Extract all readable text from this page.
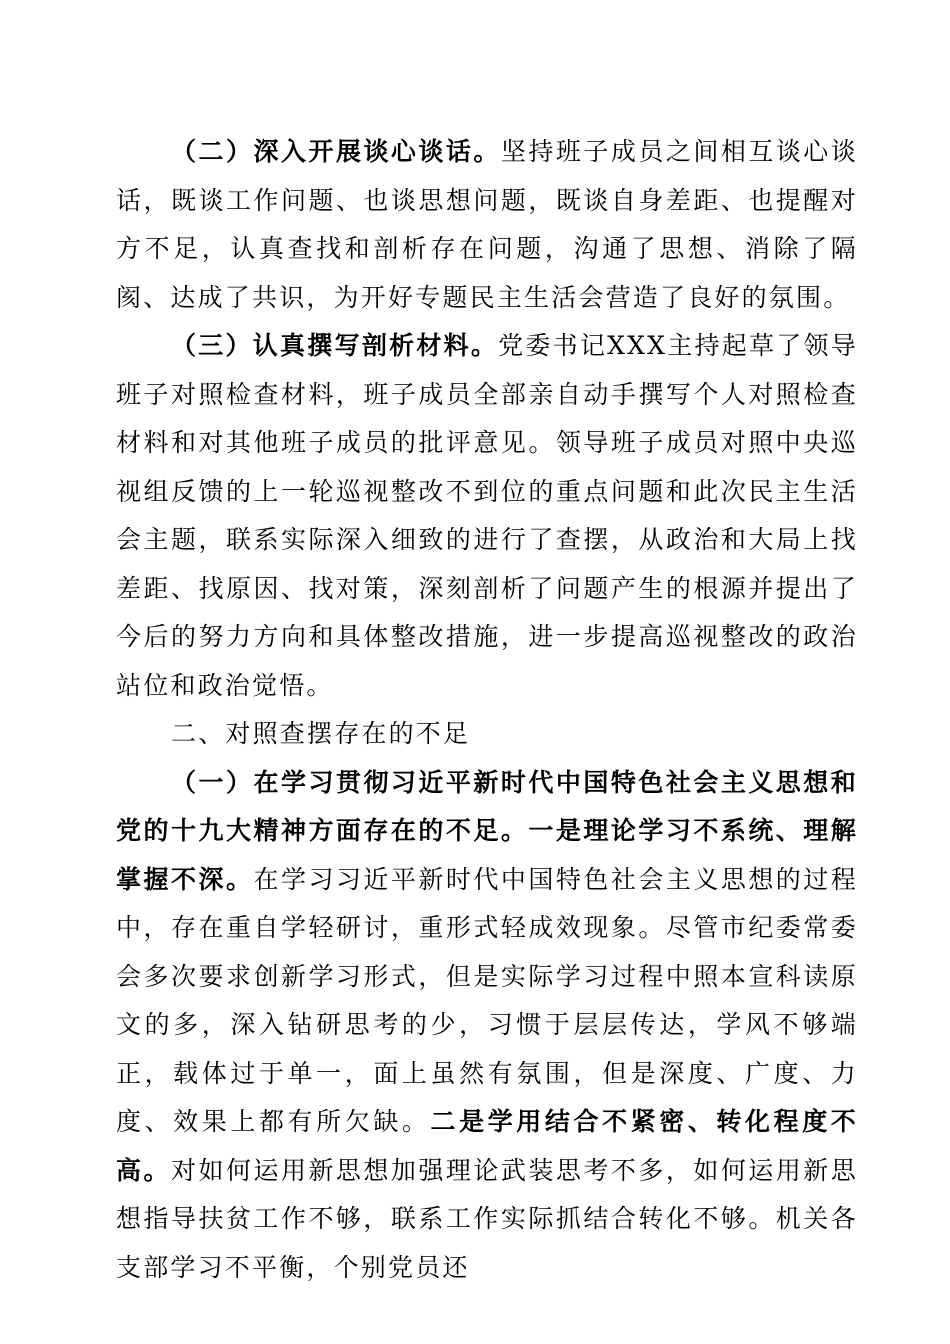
（二）深入开展谈心谈话。坚持班子成员之间相互谈心谈话，既谈工作问题、也谈思想问题，既谈自身差距、也提醒对方不足，认真查找和剖析存在问题，沟通了思想、消除了隔阂、达成了共识，为开好专题民主生活会营造了良好的氛围。

（三）认真撰写剖析材料。党委书记XXX主持起草了领导班子对照检查材料，班子成员全部亲自动手撰写个人对照检查材料和对其他班子成员的批评意见。领导班子成员对照中央巡视组反馈的上一轮巡视整改不到位的重点问题和此次民主生活会主题，联系实际深入细致的进行了查摆，从政治和大局上找差距、找原因、找对策，深刻剖析了问题产生的根源并提出了今后的努力方向和具体整改措施，进一步提高巡视整改的政治站位和政治觉悟。

二、对照查摆存在的不足

（一）在学习贯彻习近平新时代中国特色社会主义思想和党的十九大精神方面存在的不足。一是理论学习不系统、理解掌握不深。在学习习近平新时代中国特色社会主义思想的过程中，存在重自学轻研讨，重形式轻成效现象。尽管市纪委常委会多次要求创新学习形式，但是实际学习过程中照本宣科读原文的多，深入钻研思考的少，习惯于层层传达，学风不够端正，载体过于单一，面上虽然有氛围，但是深度、广度、力度、效果上都有所欠缺。二是学用结合不紧密、转化程度不高。对如何运用新思想加强理论武装思考不多，如何运用新思想指导扶贫工作不够，联系工作实际抓结合转化不够。机关各支部学习不平衡，个别党员还
